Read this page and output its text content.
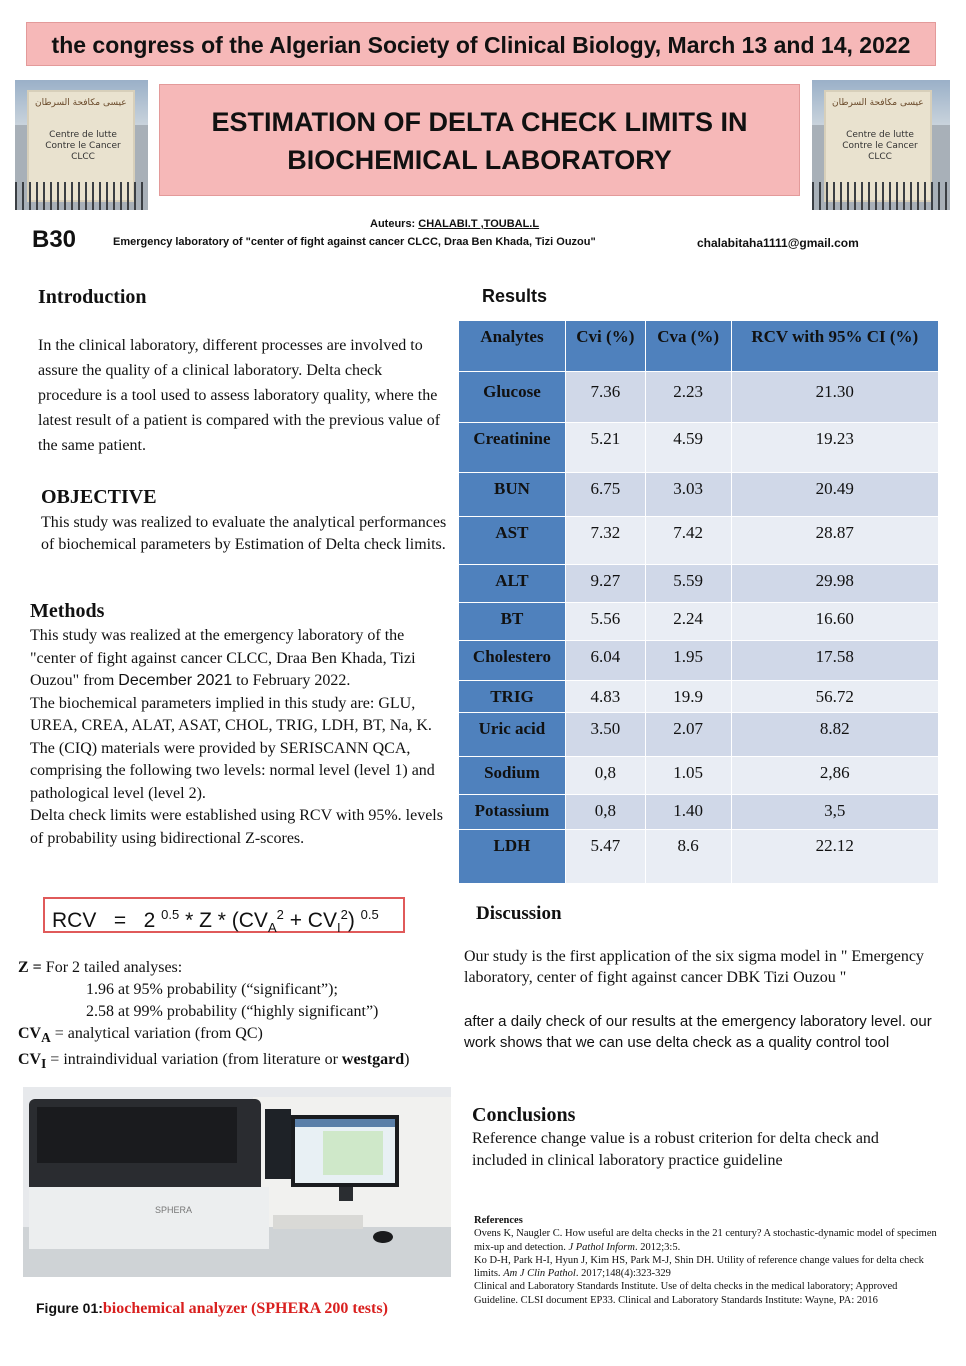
the congress of the Algerian Society of Clinical Biology, March 13 and 14, 2022
عيسى مكافحة السرطان
Centre de lutte Contre le Cancer CLCC
عيسى مكافحة السرطان
Centre de lutte Contre le Cancer CLCC
ESTIMATION OF DELTA CHECK LIMITS IN
BIOCHEMICAL LABORATORY
Auteurs: CHALABI.T ,TOUBAL.L
B30	Emergency laboratory of "center of fight against cancer CLCC, Draa Ben Khada, Tizi Ouzou"	chalabitaha1111@gmail.com
Introduction
In the clinical laboratory, different processes are involved to assure the quality of a clinical laboratory. Delta check procedure is a tool used to assess laboratory quality, where the latest result of a patient is compared with the previous value of the same patient.
OBJECTIVE
This study was realized to evaluate the analytical performances of biochemical parameters by Estimation of Delta check limits.
Methods
This study was realized at the emergency laboratory of the "center of fight against cancer CLCC, Draa Ben Khada, Tizi Ouzou" from December 2021 to February 2022.
The biochemical parameters implied in this study are: GLU, UREA, CREA, ALAT, ASAT, CHOL, TRIG, LDH, BT, Na, K. The (CIQ) materials were provided by SERISCANN QCA, comprising the following two levels: normal level (level 1) and pathological level (level 2).
Delta check limits were established using RCV with 95%. levels of probability using bidirectional Z-scores.
RCV = 2 $^{0.5} * Z * (CV_A^2 + CV_I^2)$ $^{0.5}$
Z = For 2 tailed analyses:
1.96 at 95% probability (“significant”);
2.58 at 99% probability (“highly significant”)
$CV_A$ = analytical variation (from QC)
$CV_I$ = intraindividual variation (from literature or westgard)
SPHERA
Figure 01:biochemical analyzer (SPHERA 200 tests)
Results
Analytes	Cvi (%)	Cva (%)	RCV with 95% CI (%)
Glucose	7.36	2.23	21.30
Creatinine	5.21	4.59	19.23
BUN	6.75	3.03	20.49
AST	7.32	7.42	28.87
ALT	9.27	5.59	29.98
BT	5.56	2.24	16.60
Cholestero	6.04	1.95	17.58
TRIG	4.83	19.9	56.72
Uric acid	3.50	2.07	8.82
Sodium	0,8	1.05	2,86
Potassium	0,8	1.40	3,5
LDH	5.47	8.6	22.12
Discussion
Our study is the first application of the six sigma model in " Emergency laboratory, center of fight against cancer DBK Tizi Ouzou "
after a daily check of our results at the emergency laboratory level. our work shows that we can use delta check as a quality control tool
Conclusions
Reference change value is a robust criterion for delta check and included in clinical laboratory practice guideline
References
Ovens K, Naugler C. How useful are delta checks in the 21 century? A stochastic-dynamic model of specimen mix-up and detection. J Pathol Inform. 2012;3:5.
Ko D-H, Park H-I, Hyun J, Kim HS, Park M-J, Shin DH. Utility of reference change values for delta check limits. Am J Clin Pathol. 2017;148(4):323-329
Clinical and Laboratory Standards Institute. Use of delta checks in the medical laboratory; Approved Guideline. CLSI document EP33. Clinical and Laboratory Standards Institute: Wayne, PA: 2016
